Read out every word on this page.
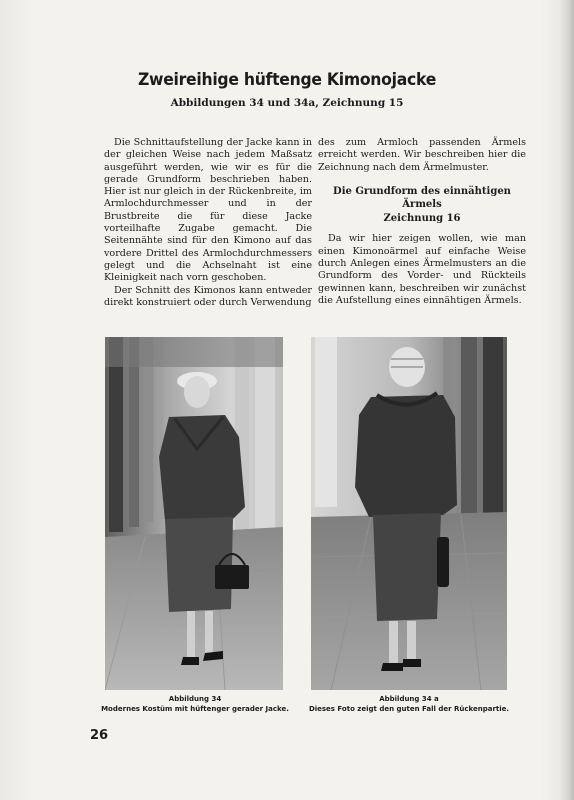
Zweireihige hüftenge Kimonojacke
Abbildungen 34 und 34a, Zeichnung 15

Die Schnittaufstellung der Jacke kann in der gleichen Weise nach jedem Maßsatz ausgeführt werden, wie wir es für die gerade Grundform beschrieben haben. Hier ist nur gleich in der Rückenbreite, im Armlochdurchmesser und in der Brustbreite die für diese Jacke vorteilhafte Zugabe gemacht. Die Seitennähte sind für den Kimono auf das vordere Drittel des Armlochdurchmessers gelegt und die Achselnaht ist eine Kleinigkeit nach vorn geschoben.

Der Schnitt des Kimonos kann entweder direkt konstruiert oder durch Verwendung

des zum Armloch passenden Ärmels erreicht werden. Wir beschreiben hier die Zeichnung nach dem Ärmelmuster.

Die Grundform des einnähtigen Ärmels
Zeichnung 16

Da wir hier zeigen wollen, wie man einen Kimonoärmel auf einfache Weise durch Anlegen eines Ärmelmusters an die Grundform des Vorder- und Rückteils gewinnen kann, beschreiben wir zunächst die Aufstellung eines einnähtigen Ärmels.

Abbildung 34
Modernes Kostüm mit hüftenger gerader Jacke.
Abbildung 34 a
Dieses Foto zeigt den guten Fall der Rückenpartie.
26
